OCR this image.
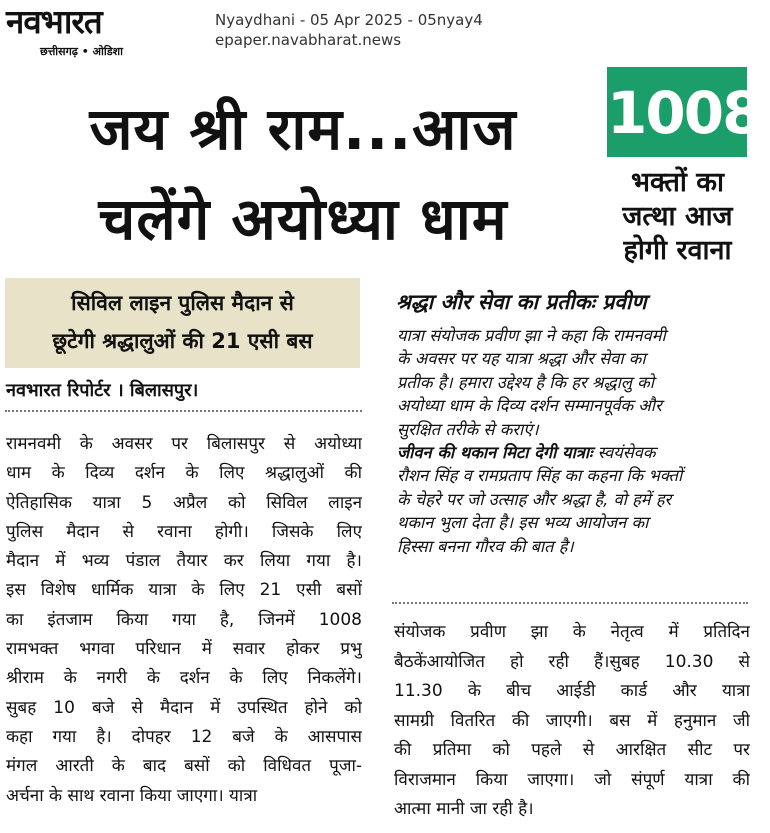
नवभारत
छत्तीसगढ़ • ओडिशा
Nyaydhani - 05 Apr 2025 - 05nyay4
epaper.navabharat.news
जय श्री राम...आज
चलेंगे अयोध्या धाम
1008
भक्तों का
जत्था आज
होगी रवाना
सिविल लाइन पुलिस मैदान से
छूटेगी श्रद्धालुओं की 21 एसी बस
नवभारत रिपोर्टर । बिलासपुर।
रामनवमी के अवसर पर बिलासपुर से अयोध्या
धाम के दिव्य दर्शन के लिए श्रद्धालुओं की
ऐतिहासिक यात्रा 5 अप्रैल को सिविल लाइन
पुलिस मैदान से रवाना होगी। जिसके लिए
मैदान में भव्य पंडाल तैयार कर लिया गया है।
इस विशेष धार्मिक यात्रा के लिए 21 एसी बसों
का इंतजाम किया गया है, जिनमें 1008
रामभक्त भगवा परिधान में सवार होकर प्रभु
श्रीराम के नगरी के दर्शन के लिए निकलेंगे।
सुबह 10 बजे से मैदान में उपस्थित होने को
कहा गया है। दोपहर 12 बजे के आसपास
मंगल आरती के बाद बसों को विधिवत पूजा-
अर्चना के साथ रवाना किया जाएगा। यात्रा
श्रद्धा और सेवा का प्रतीकः प्रवीण
यात्रा संयोजक प्रवीण झा ने कहा कि रामनवमी
के अवसर पर यह यात्रा श्रद्धा और सेवा का
प्रतीक है। हमारा उद्देश्य है कि हर श्रद्धालु को
अयोध्या धाम के दिव्य दर्शन सम्मानपूर्वक और
सुरक्षित तरीके से कराएं।
जीवन की थकान मिटा देगी यात्राः स्वयंसेवक
रौशन सिंह व रामप्रताप सिंह का कहना कि भक्तों
के चेहरे पर जो उत्साह और श्रद्धा है, वो हमें हर
थकान भुला देता है। इस भव्य आयोजन का
हिस्सा बनना गौरव की बात है।
संयोजक प्रवीण झा के नेतृत्व में प्रतिदिन
बैठकेंआयोजित हो रही हैं।सुबह 10.30 से
11.30 के बीच आईडी कार्ड और यात्रा
सामग्री वितरित की जाएगी। बस में हनुमान जी
की प्रतिमा को पहले से आरक्षित सीट पर
विराजमान किया जाएगा। जो संपूर्ण यात्रा की
आत्मा मानी जा रही है।
